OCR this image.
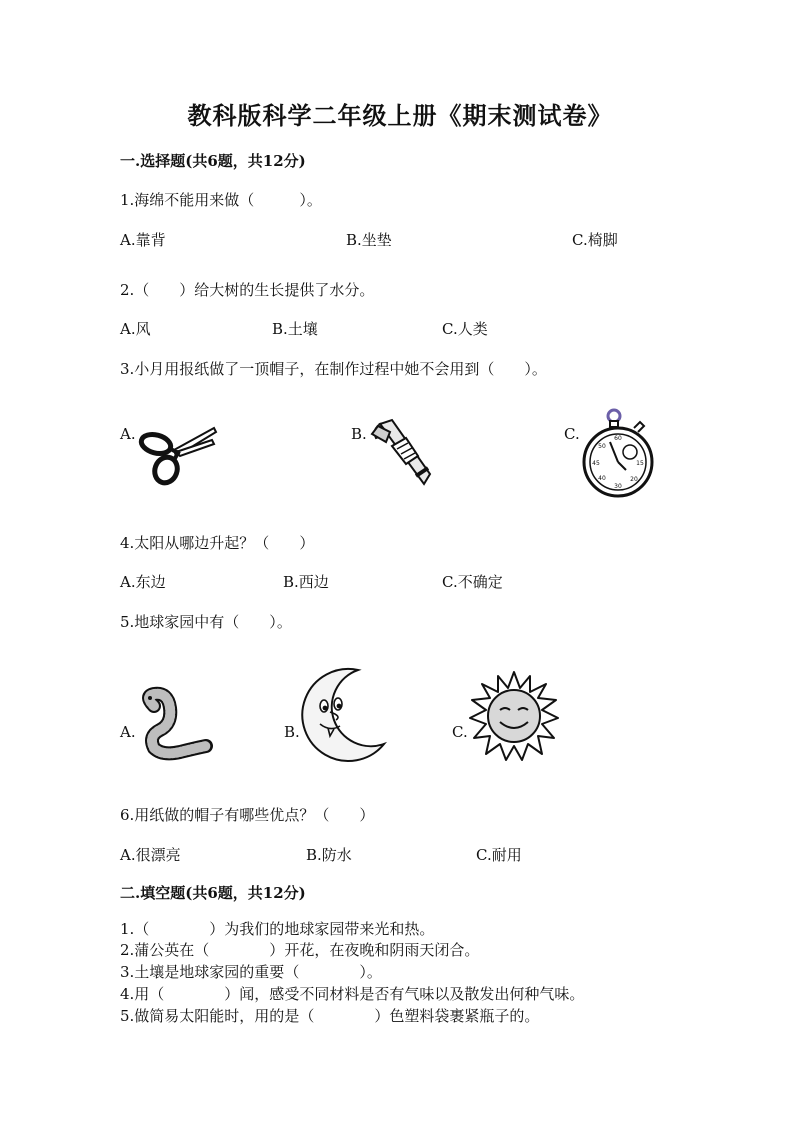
教科版科学二年级上册《期末测试卷》
一.选择题(共6题，共12分)
1.海绵不能用来做（　　　）。
A.靠背	B.坐垫	C.椅脚
2.（　　）给大树的生长提供了水分。
A.风	B.土壤	C.人类
3.小月用报纸做了一顶帽子，在制作过程中她不会用到（　　）。
A.	B.	C.	60
15
30
45
50
40	20
4.太阳从哪边升起？（　　）
A.东边	B.西边	C.不确定
5.地球家园中有（　　）。
A.	B.	C.
6.用纸做的帽子有哪些优点？（　　）
A.很漂亮	B.防水	C.耐用
二.填空题(共6题，共12分)
1.（　　　　）为我们的地球家园带来光和热。
2.蒲公英在（　　　　）开花，在夜晚和阴雨天闭合。
3.土壤是地球家园的重要（　　　　）。
4.用（　　　　）闻，感受不同材料是否有气味以及散发出何种气味。
5.做简易太阳能时，用的是（　　　　）色塑料袋裹紧瓶子的。
